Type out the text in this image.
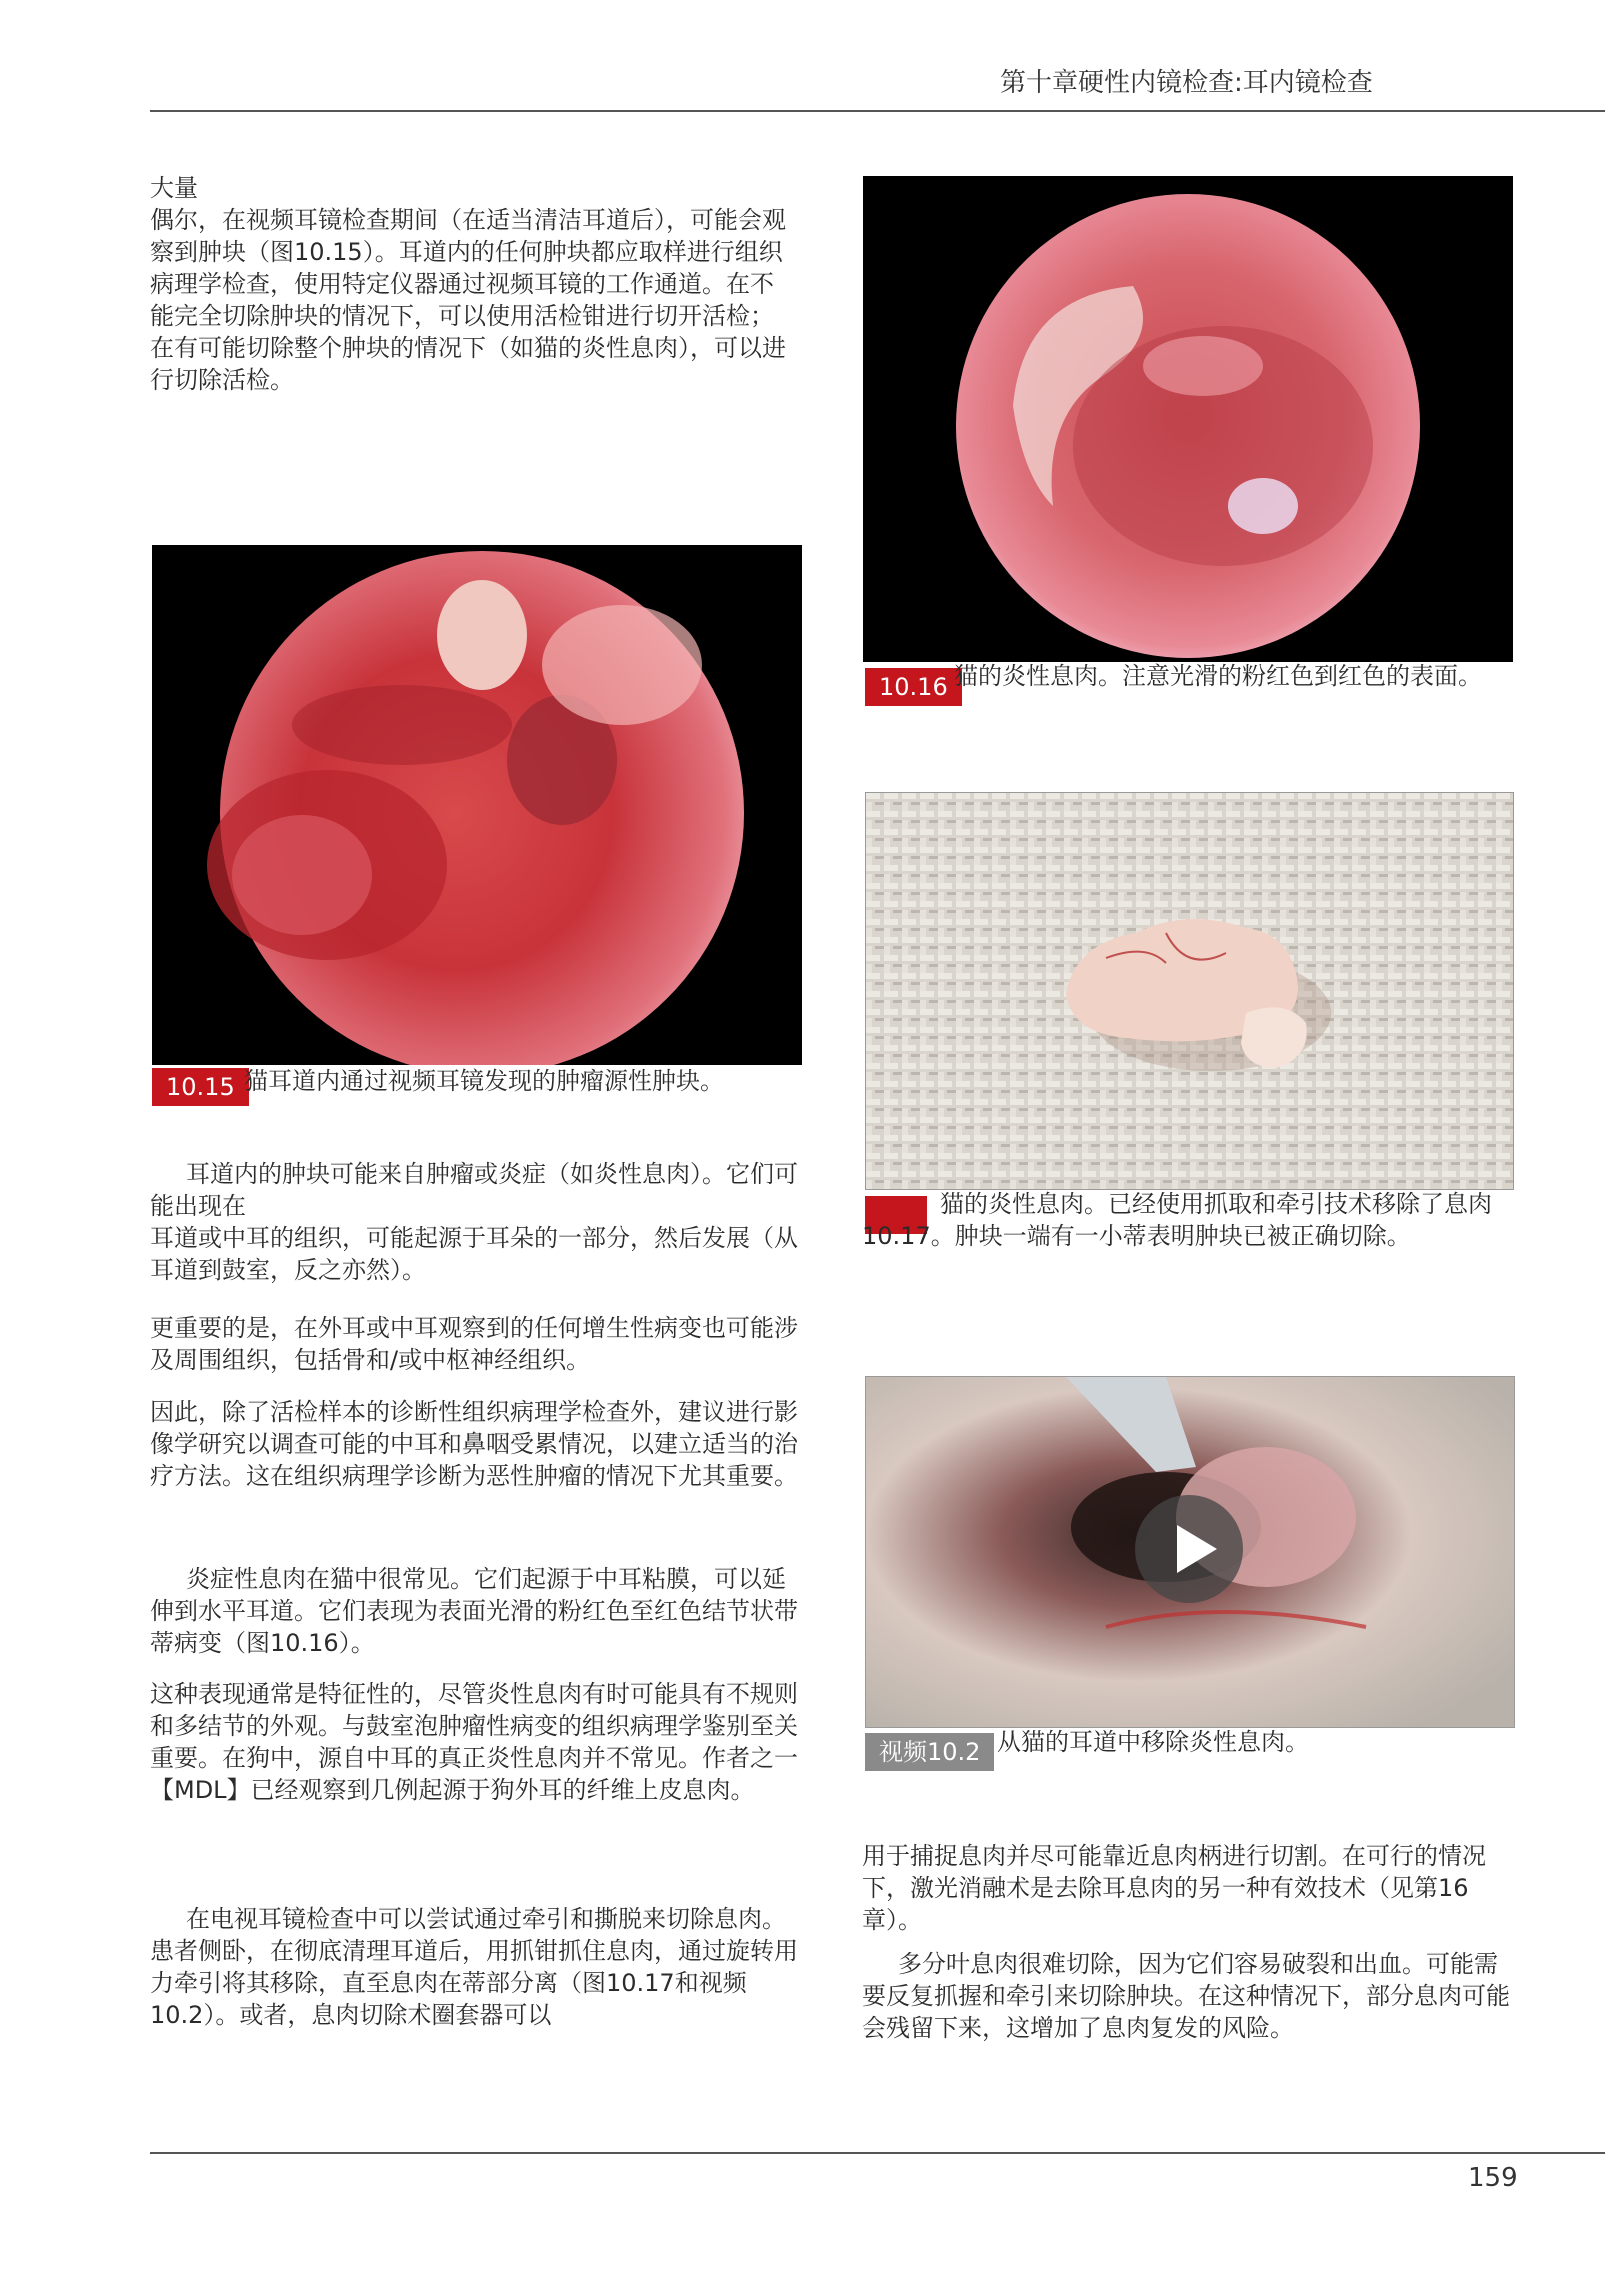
第十章硬性内镜检查:耳内镜检查

大量

偶尔，在视频耳镜检查期间（在适当清洁耳道后），可能会观察到肿块（图10.15）。耳道内的任何肿块都应取样进行组织病理学检查，使用特定仪器通过视频耳镜的工作通道。在不能完全切除肿块的情况下，可以使用活检钳进行切开活检；在有可能切除整个肿块的情况下（如猫的炎性息肉），可以进行切除活检。

10.15 猫耳道内通过视频耳镜发现的肿瘤源性肿块。

耳道内的肿块可能来自肿瘤或炎症（如炎性息肉）。它们可能出现在

耳道或中耳的组织，可能起源于耳朵的一部分，然后发展（从耳道到鼓室，反之亦然）。

更重要的是，在外耳或中耳观察到的任何增生性病变也可能涉及周围组织，包括骨和/或中枢神经组织。

因此，除了活检样本的诊断性组织病理学检查外，建议进行影像学研究以调查可能的中耳和鼻咽受累情况，以建立适当的治疗方法。这在组织病理学诊断为恶性肿瘤的情况下尤其重要。

炎症性息肉在猫中很常见。它们起源于中耳粘膜，可以延伸到水平耳道。它们表现为表面光滑的粉红色至红色结节状带蒂病变（图10.16）。

这种表现通常是特征性的，尽管炎性息肉有时可能具有不规则和多结节的外观。与鼓室泡肿瘤性病变的组织病理学鉴别至关重要。在狗中，源自中耳的真正炎性息肉并不常见。作者之一【MDL】已经观察到几例起源于狗外耳的纤维上皮息肉。

在电视耳镜检查中可以尝试通过牵引和撕脱来切除息肉。患者侧卧，在彻底清理耳道后，用抓钳抓住息肉，通过旋转用力牵引将其移除，直至息肉在蒂部分离（图10.17和视频10.2）。或者，息肉切除术圈套器可以

10.16 猫的炎性息肉。注意光滑的粉红色到红色的表面。
猫的炎性息肉。已经使用抓取和牵引技术移除了息肉
10.17。肿块一端有一小蒂表明肿块已被正确切除。
视频10.2 从猫的耳道中移除炎性息肉。

用于捕捉息肉并尽可能靠近息肉柄进行切割。在可行的情况下，激光消融术是去除耳息肉的另一种有效技术（见第16章）。

多分叶息肉很难切除，因为它们容易破裂和出血。可能需要反复抓握和牵引来切除肿块。在这种情况下，部分息肉可能会残留下来，这增加了息肉复发的风险。

159
